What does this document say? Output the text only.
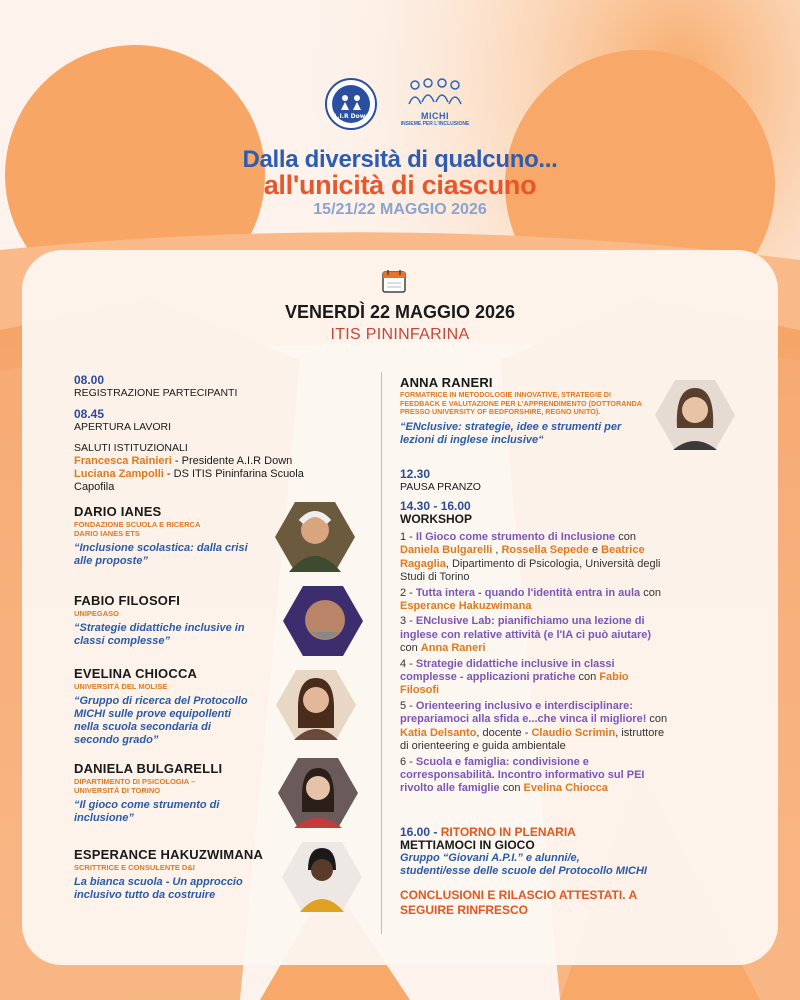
A.I.R Down	MICHI
INSIEME PER L'INCLUSIONE
Dalla diversità di qualcuno...
all'unicità di ciascuno
15/21/22 MAGGIO 2026
VENERDÌ 22 MAGGIO 2026
ITIS PININFARINA
08.00
REGISTRAZIONE PARTECIPANTI
08.45
APERTURA LAVORI
SALUTI ISTITUZIONALI
Francesca Rainieri - Presidente A.I.R Down
Luciana Zampolli - DS ITIS Pininfarina Scuola Capofila
DARIO IANES
FONDAZIONE SCUOLA E RICERCA DARIO IANES ETS
“Inclusione scolastica: dalla crisi alle proposte”
FABIO FILOSOFI
UNIPEGASO
“Strategie didattiche inclusive in classi complesse”
EVELINA CHIOCCA
UNIVERSITÀ DEL MOLISE
“Gruppo di ricerca del Protocollo MICHI sulle prove equipollenti nella scuola secondaria di secondo grado”
DANIELA BULGARELLI
DIPARTIMENTO DI PSICOLOGIA – UNIVERSITÀ DI TORINO
“Il gioco come strumento di inclusione”
ESPERANCE HAKUZWIMANA
SCRITTRICE E CONSULENTE D&I
La bianca scuola - Un approccio inclusivo tutto da costruire
ANNA RANERI
FORMATRICE IN METODOLOGIE INNOVATIVE, STRATEGIE DI FEEDBACK E VALUTAZIONE PER L'APPRENDIMENTO (DOTTORANDA PRESSO UNIVERSITY OF BEDFORSHIRE, REGNO UNITO).
“ENclusive: strategie, idee e strumenti per lezioni di inglese inclusive“
12.30
PAUSA PRANZO
14.30 - 16.00
WORKSHOP

1 - Il Gioco come strumento di Inclusione con Daniela Bulgarelli , Rossella Sepede e Beatrice Ragaglia, Dipartimento di Psicologia, Università degli Studi di Torino

2 - Tutta intera - quando l'identità entra in aula con Esperance Hakuzwimana

3 - ENclusive Lab: pianifichiamo una lezione di inglese con relative attività (e l'IA ci può aiutare) con Anna Raneri

4 - Strategie didattiche inclusive in classi complesse - applicazioni pratiche con Fabio Filosofi

5 - Orienteering inclusivo e interdisciplinare: prepariamoci alla sfida e...che vinca il migliore! con Katia Delsanto, docente - Claudio Scrimin, istruttore di orienteering e guida ambientale

6 - Scuola e famiglia: condivisione e corresponsabilità. Incontro informativo sul PEI rivolto alle famiglie con Evelina Chiocca

16.00 - RITORNO IN PLENARIA
METTIAMOCI IN GIOCO
Gruppo “Giovani A.P.I.” e alunni/e, studenti/esse delle scuole del Protocollo MICHI
CONCLUSIONI E RILASCIO ATTESTATI. A SEGUIRE RINFRESCO
